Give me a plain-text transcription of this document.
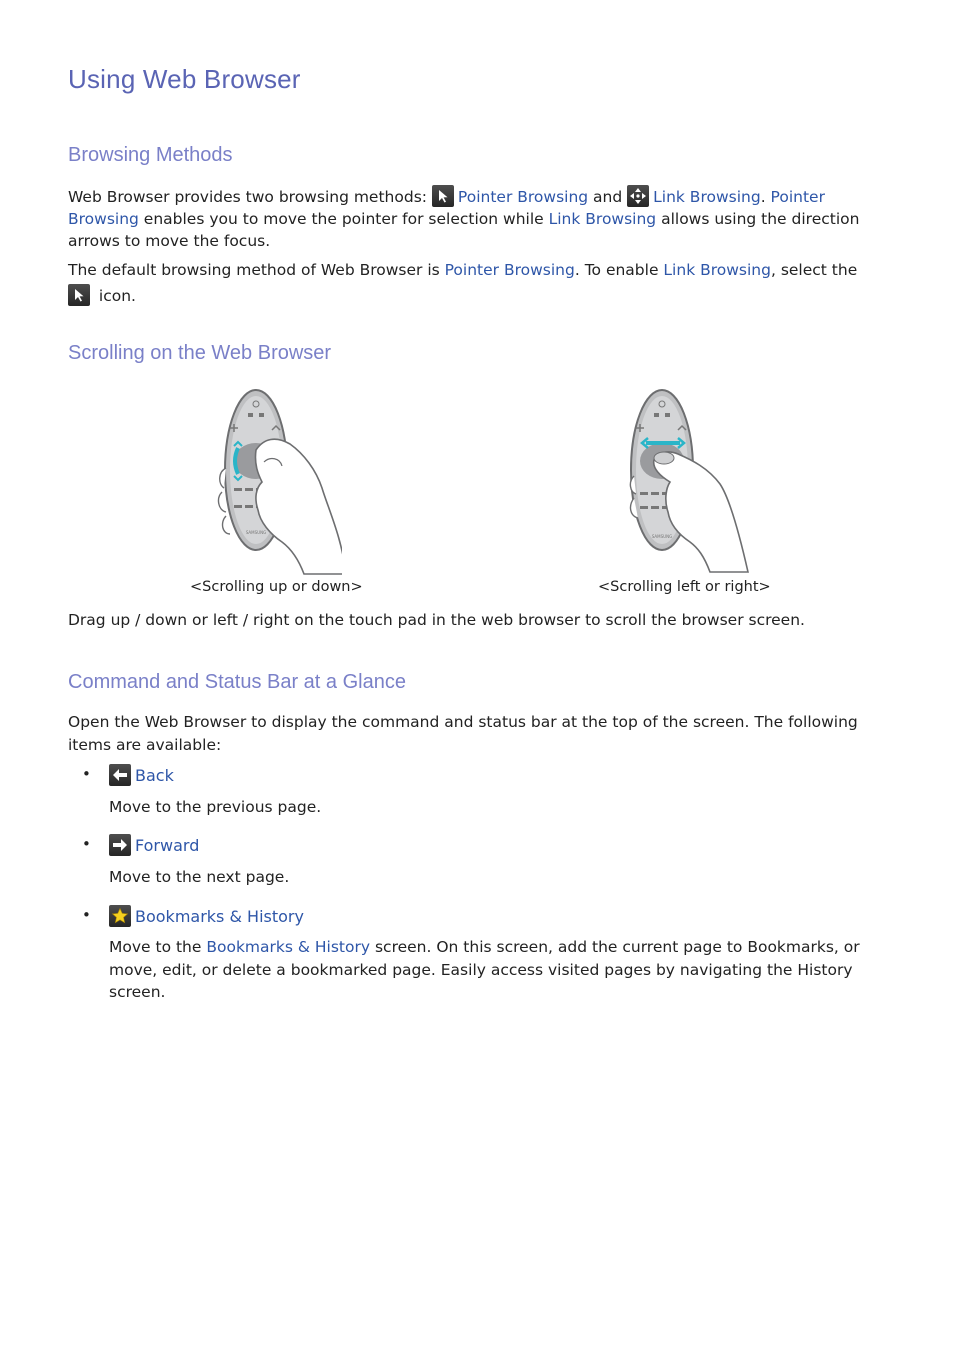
Using Web Browser
Browsing Methods

Web Browser provides two browsing methods:
Pointer Browsing and
Link Browsing. Pointer Browsing enables you to move the pointer for selection while Link Browsing allows using the direction arrows to move the focus.

The default browsing method of Web Browser is Pointer Browsing. To enable Link Browsing, select the
icon.

Scrolling on the Web Browser
SAMSUNG
<Scrolling up or down>
SAMSUNG
<Scrolling left or right>

Drag up / down or left / right on the touch pad in the web browser to scroll the browser screen.

Command and Status Bar at a Glance

Open the Web Browser to display the command and status bar at the top of the screen. The following items are available:

•	Back
Move to the previous page.
•	Forward
Move to the next page.
•	Bookmarks & History
Move to the Bookmarks & History screen. On this screen, add the current page to Bookmarks, or move, edit, or delete a bookmarked page. Easily access visited pages by navigating the History screen.
